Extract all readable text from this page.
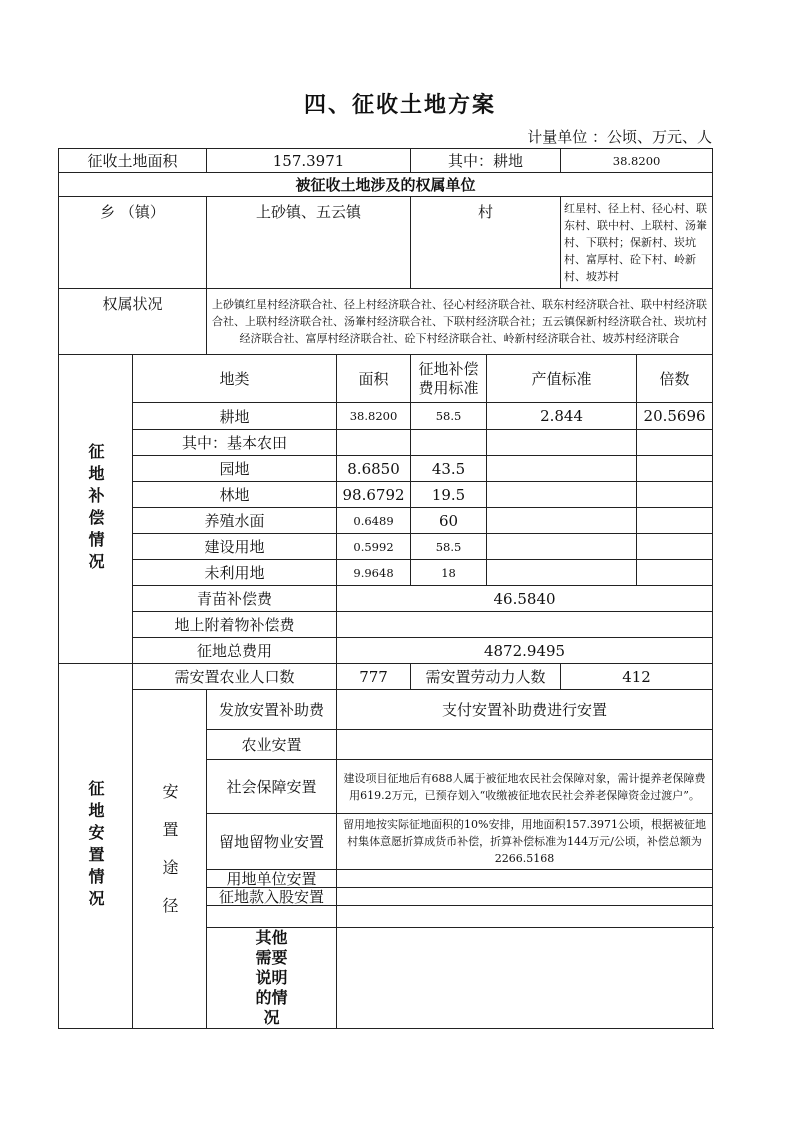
四、征收土地方案
计量单位 ：公顷、万元、人
征收土地面积		157.3971		其中：耕地		38.8200	
被征收土地涉及的权属单位							
乡 （镇）		上砂镇、五云镇		村		红星村、径上村、径心村、联东村、联中村、上联村、汤輋村、下联村；保新村、崁坑村、富厚村、砼下村、岭新村、坡苏村	
权属状况		上砂镇红星村经济联合社、径上村经济联合社、径心村经济联合社、联东村经济联合社、联中村经济联合社、上联村经济联合社、汤輋村经济联合社、下联村经济联合社；五云镇保新村经济联合社、崁坑村经济联合社、富厚村经济联合社、砼下村经济联合社、岭新村经济联合社、坡苏村经济联合					

征地补偿情况	地类		面积	征地补偿费用标准	产值标准		倍数
	耕地		38.8200	58.5	2.844		20.5696
	其中：基本农田						
	园地		8.6850	43.5			
	林地		98.6792	19.5			
	养殖水面		0.6489	60			
	建设用地		0.5992	58.5			
	未利用地		9.9648	18			
	青苗补偿费		46.5840				
	地上附着物补偿费						
	征地总费用		4872.9495				

征地安置情况	需安置农业人口数		777	需安置劳动力人数		412	

	安置途径	发放安置补助费	支付安置补助费进行安置				
		农业安置					
		社会保障安置	建设项目征地后有688人属于被征地农民社会保障对象，需计提养老保障费用619.2万元，已预存划入“收缴被征地农民社会养老保障资金过渡户”。				
		留地留物业安置	留用地按实际征地面积的10%安排，用地面积157.3971公顷，根据被征地村集体意愿折算成货币补偿，折算补偿标准为144万元/公顷，补偿总额为2266.5168				
		用地单位安置					
		征地款入股安置					

		其他需要说明的情况					
